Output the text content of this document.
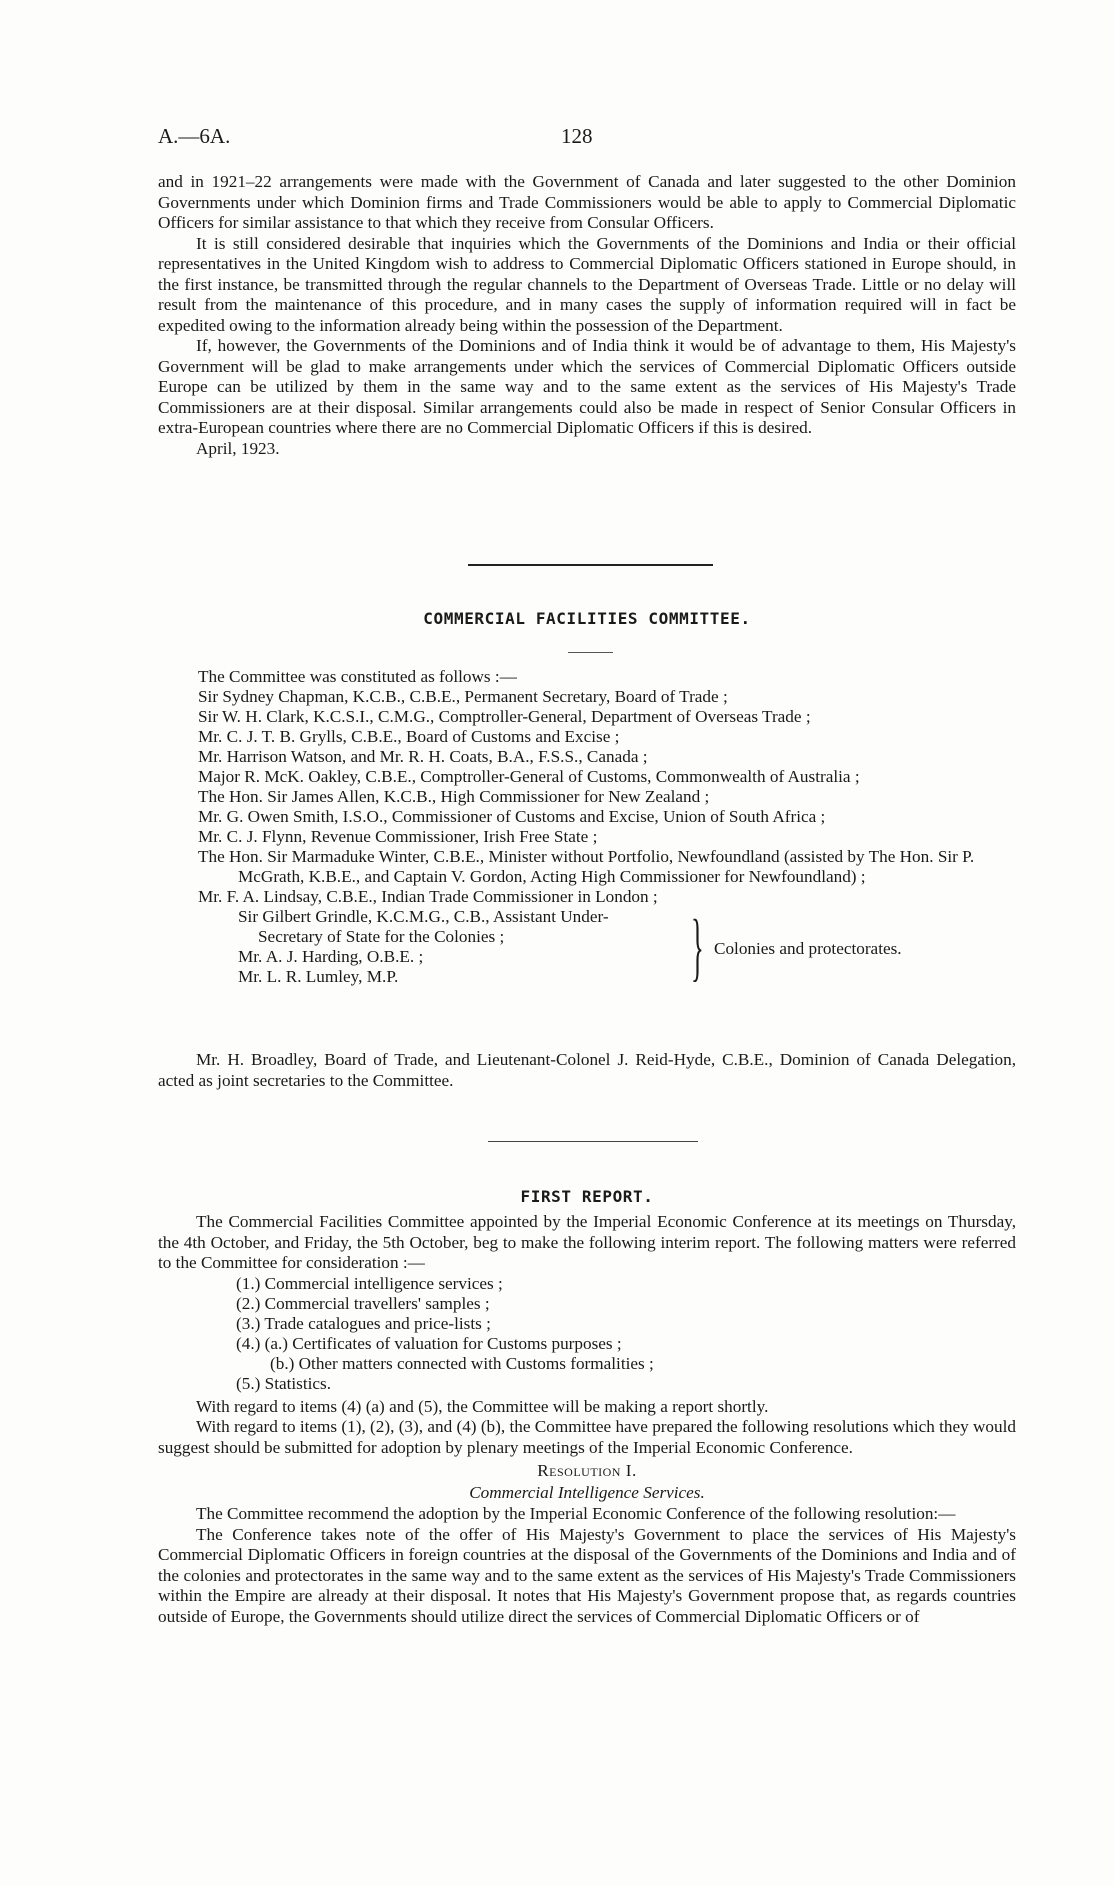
A.—6A.	128

and in 1921–22 arrangements were made with the Government of Canada and later suggested to the other Dominion Governments under which Dominion firms and Trade Commissioners would be able to apply to Commercial Diplomatic Officers for similar assistance to that which they receive from Consular Officers.

It is still considered desirable that inquiries which the Governments of the Dominions and India or their official representatives in the United Kingdom wish to address to Commercial Diplomatic Officers stationed in Europe should, in the first instance, be transmitted through the regular channels to the Department of Overseas Trade. Little or no delay will result from the maintenance of this procedure, and in many cases the supply of information required will in fact be expedited owing to the information already being within the possession of the Department.

If, however, the Governments of the Dominions and of India think it would be of advantage to them, His Majesty's Government will be glad to make arrangements under which the services of Commercial Diplomatic Officers outside Europe can be utilized by them in the same way and to the same extent as the services of His Majesty's Trade Commissioners are at their disposal. Similar arrangements could also be made in respect of Senior Consular Officers in extra-European countries where there are no Commercial Diplomatic Officers if this is desired.

April, 1923.

COMMERCIAL FACILITIES COMMITTEE.
The Committee was constituted as follows :—
Sir Sydney Chapman, K.C.B., C.B.E., Permanent Secretary, Board of Trade ;
Sir W. H. Clark, K.C.S.I., C.M.G., Comptroller-General, Department of Overseas Trade ;
Mr. C. J. T. B. Grylls, C.B.E., Board of Customs and Excise ;
Mr. Harrison Watson, and Mr. R. H. Coats, B.A., F.S.S., Canada ;
Major R. McK. Oakley, C.B.E., Comptroller-General of Customs, Commonwealth of Australia ;
The Hon. Sir James Allen, K.C.B., High Commissioner for New Zealand ;
Mr. G. Owen Smith, I.S.O., Commissioner of Customs and Excise, Union of South Africa ;
Mr. C. J. Flynn, Revenue Commissioner, Irish Free State ;
The Hon. Sir Marmaduke Winter, C.B.E., Minister without Portfolio, Newfoundland (assisted by The Hon. Sir P. McGrath, K.B.E., and Captain V. Gordon, Acting High Commissioner for Newfoundland) ;
Mr. F. A. Lindsay, C.B.E., Indian Trade Commissioner in London ;
Sir Gilbert Grindle, K.C.M.G., C.B., Assistant Under-
Secretary of State for the Colonies ;
Mr. A. J. Harding, O.B.E. ;
Mr. L. R. Lumley, M.P.	} Colonies and protectorates.

Mr. H. Broadley, Board of Trade, and Lieutenant-Colonel J. Reid-Hyde, C.B.E., Dominion of Canada Delegation, acted as joint secretaries to the Committee.

FIRST REPORT.

The Commercial Facilities Committee appointed by the Imperial Economic Conference at its meetings on Thursday, the 4th October, and Friday, the 5th October, beg to make the following interim report. The following matters were referred to the Committee for consideration :—

(1.) Commercial intelligence services ;
(2.) Commercial travellers' samples ;
(3.) Trade catalogues and price-lists ;
(4.) (a.) Certificates of valuation for Customs purposes ;
(b.) Other matters connected with Customs formalities ;
(5.) Statistics.

With regard to items (4) (a) and (5), the Committee will be making a report shortly.

With regard to items (1), (2), (3), and (4) (b), the Committee have prepared the following resolutions which they would suggest should be submitted for adoption by plenary meetings of the Imperial Economic Conference.

Resolution I.
Commercial Intelligence Services.

The Committee recommend the adoption by the Imperial Economic Conference of the following resolution:—

The Conference takes note of the offer of His Majesty's Government to place the services of His Majesty's Commercial Diplomatic Officers in foreign countries at the disposal of the Governments of the Dominions and India and of the colonies and protectorates in the same way and to the same extent as the services of His Majesty's Trade Commissioners within the Empire are already at their disposal. It notes that His Majesty's Government propose that, as regards countries outside of Europe, the Governments should utilize direct the services of Commercial Diplomatic Officers or of
